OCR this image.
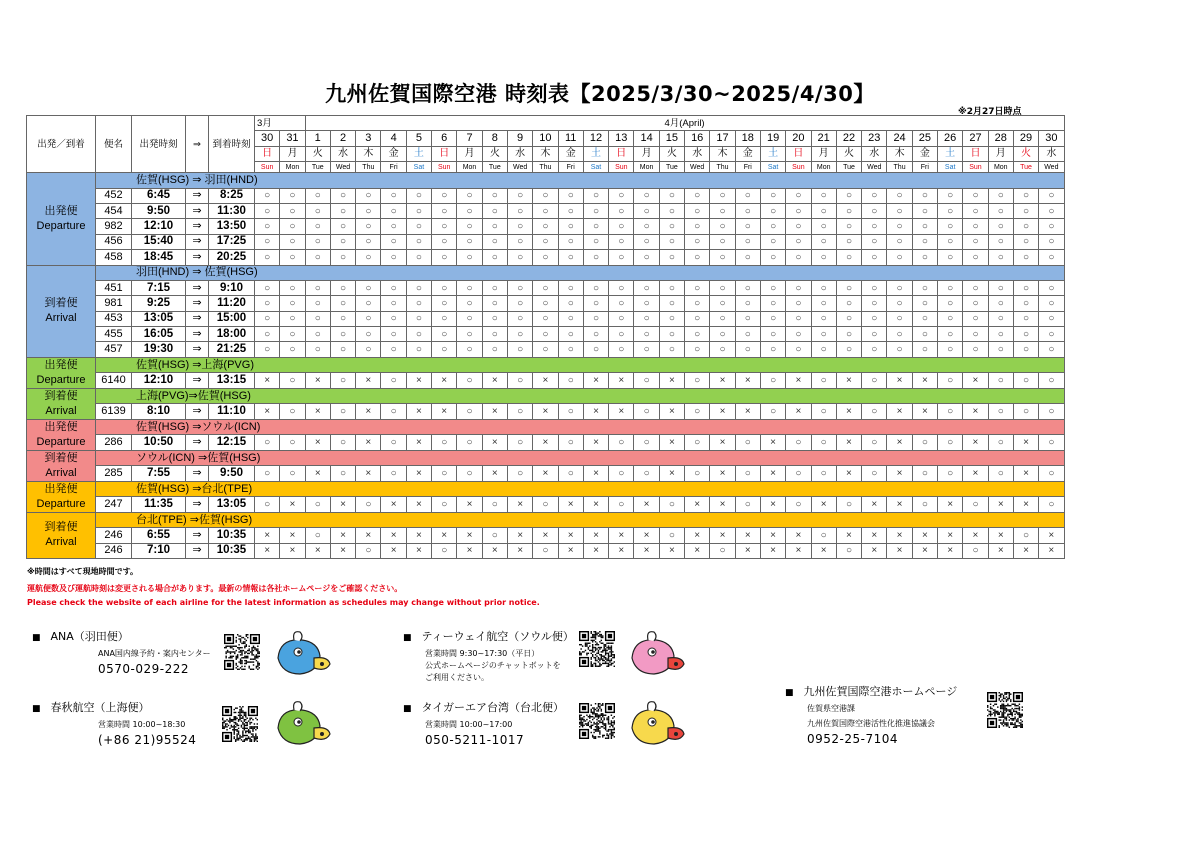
九州佐賀国際空港 時刻表【2025/3/30~2025/4/30】
※2月27日時点
出発／到着	便名	出発時刻	⇒	到着時刻	3月		4月(April)																													
					30	31	1	2	3	4	5	6	7	8	9	10	11	12	13	14	15	16	17	18	19	20	21	22	23	24	25	26	27	28	29	30
					日	月	火	水	木	金	土	日	月	火	水	木	金	土	日	月	火	水	木	金	土	日	月	火	水	木	金	土	日	月	火	水
					Sun	Mon	Tue	Wed	Thu	Fri	Sat	Sun	Mon	Tue	Wed	Thu	Fri	Sat	Sun	Mon	Tue	Wed	Thu	Fri	Sat	Sun	Mon	Tue	Wed	Thu	Fri	Sat	Sun	Mon	Tue	Wed

出発便
Departure	佐賀(HSG) ⇒ 羽田(HND)																																			
	452	6:45	⇒	8:25	○	○	○	○	○	○	○	○	○	○	○	○	○	○	○	○	○	○	○	○	○	○	○	○	○	○	○	○	○	○	○	○
	454	9:50	⇒	11:30	○	○	○	○	○	○	○	○	○	○	○	○	○	○	○	○	○	○	○	○	○	○	○	○	○	○	○	○	○	○	○	○
	982	12:10	⇒	13:50	○	○	○	○	○	○	○	○	○	○	○	○	○	○	○	○	○	○	○	○	○	○	○	○	○	○	○	○	○	○	○	○
	456	15:40	⇒	17:25	○	○	○	○	○	○	○	○	○	○	○	○	○	○	○	○	○	○	○	○	○	○	○	○	○	○	○	○	○	○	○	○
	458	18:45	⇒	20:25	○	○	○	○	○	○	○	○	○	○	○	○	○	○	○	○	○	○	○	○	○	○	○	○	○	○	○	○	○	○	○	○

到着便
Arrival	羽田(HND) ⇒ 佐賀(HSG)																																			
	451	7:15	⇒	9:10	○	○	○	○	○	○	○	○	○	○	○	○	○	○	○	○	○	○	○	○	○	○	○	○	○	○	○	○	○	○	○	○
	981	9:25	⇒	11:20	○	○	○	○	○	○	○	○	○	○	○	○	○	○	○	○	○	○	○	○	○	○	○	○	○	○	○	○	○	○	○	○
	453	13:05	⇒	15:00	○	○	○	○	○	○	○	○	○	○	○	○	○	○	○	○	○	○	○	○	○	○	○	○	○	○	○	○	○	○	○	○
	455	16:05	⇒	18:00	○	○	○	○	○	○	○	○	○	○	○	○	○	○	○	○	○	○	○	○	○	○	○	○	○	○	○	○	○	○	○	○
	457	19:30	⇒	21:25	○	○	○	○	○	○	○	○	○	○	○	○	○	○	○	○	○	○	○	○	○	○	○	○	○	○	○	○	○	○	○	○

出発便
Departure	佐賀(HSG) ⇒上海(PVG)																																			
	6140	12:10	⇒	13:15	×	○	×	○	×	○	×	×	○	×	○	×	○	×	×	○	×	○	×	×	○	×	○	×	○	×	×	○	×	○	○	○

到着便
Arrival	上海(PVG)⇒佐賀(HSG)																																			
	6139	8:10	⇒	11:10	×	○	×	○	×	○	×	×	○	×	○	×	○	×	×	○	×	○	×	×	○	×	○	×	○	×	×	○	×	○	○	○

出発便
Departure	佐賀(HSG) ⇒ソウル(ICN)																																			
	286	10:50	⇒	12:15	○	○	×	○	×	○	×	○	○	×	○	×	○	×	○	○	×	○	×	○	×	○	○	×	○	×	○	○	×	○	×	○

到着便
Arrival	ソウル(ICN) ⇒佐賀(HSG)																																			
	285	7:55	⇒	9:50	○	○	×	○	×	○	×	○	○	×	○	×	○	×	○	○	×	○	×	○	×	○	○	×	○	×	○	○	×	○	×	○

出発便
Departure	佐賀(HSG) ⇒台北(TPE)																																			
	247	11:35	⇒	13:05	○	×	○	×	○	×	×	○	×	○	×	○	×	×	○	×	○	×	×	○	×	○	×	○	×	×	○	×	○	×	×	○

到着便
Arrival	台北(TPE) ⇒佐賀(HSG)																																			
	246	6:55	⇒	10:35	×	×	○	×	×	×	×	×	×	○	×	×	×	×	×	×	○	×	×	×	×	×	○	×	×	×	×	×	×	×	○	×
	246	7:10	⇒	10:35	×	×	×	×	○	×	×	○	×	×	×	○	×	×	×	×	×	×	○	×	×	×	×	○	×	×	×	×	○	×	×	×
※時間はすべて現地時間です。
運航便数及び運航時刻は変更される場合があります。最新の情報は各社ホームページをご確認ください。
Please check the website of each airline for the latest information as schedules may change without prior notice.
■ ANA（羽田便）
ANA国内線予約・案内センター
0570-029-222
■ 春秋航空（上海便）
営業時間 10:00~18:30
(+86 21)95524
■ ティーウェイ航空（ソウル便）
営業時間 9:30~17:30（平日）
公式ホームページのチャットボットを
ご利用ください。
■ タイガーエア台湾（台北便）
営業時間 10:00~17:00
050-5211-1017
■ 九州佐賀国際空港ホームページ
佐賀県空港課
九州佐賀国際空港活性化推進協議会
0952-25-7104
